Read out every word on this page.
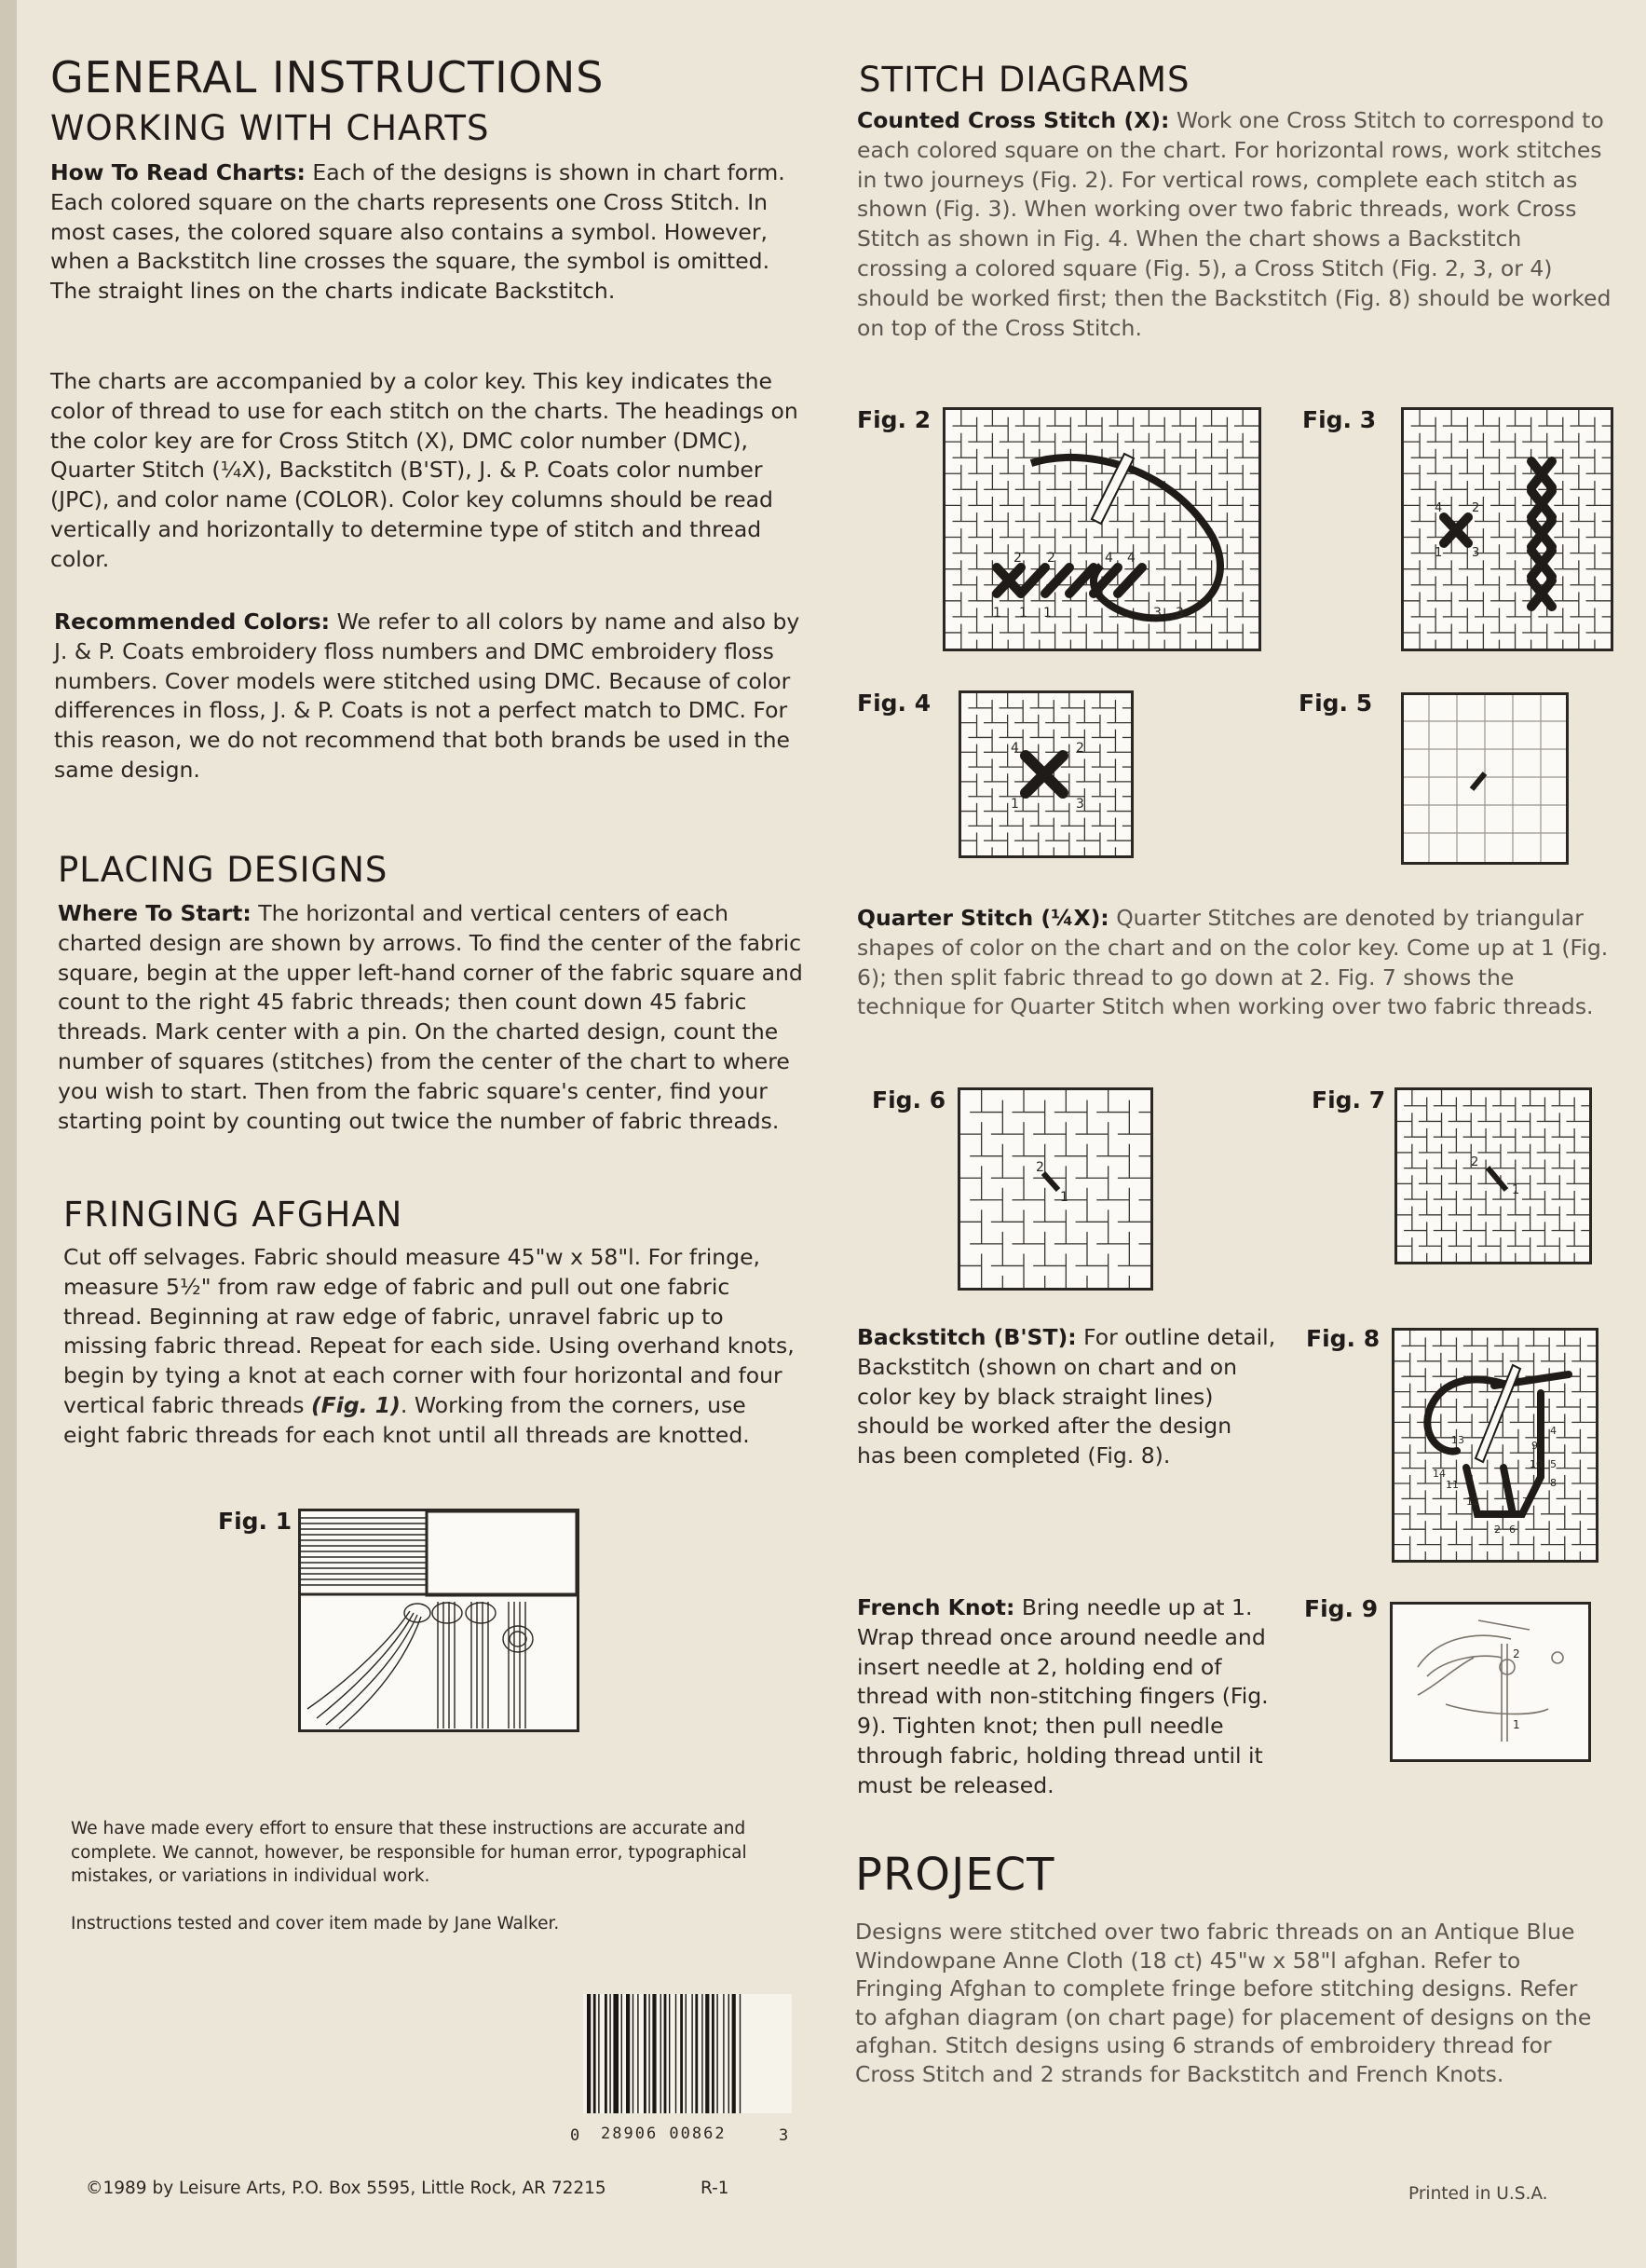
GENERAL INSTRUCTIONS
WORKING WITH CHARTS
How To Read Charts: Each of the designs is shown in chart form. Each colored square on the charts represents one Cross Stitch. In most cases, the colored square also contains a symbol. However, when a Backstitch line crosses the square, the symbol is omitted. The straight lines on the charts indicate Backstitch.
The charts are accompanied by a color key. This key indicates the color of thread to use for each stitch on the charts. The headings on the color key are for Cross Stitch (X), DMC color number (DMC), Quarter Stitch (¼X), Backstitch (B'ST), J. & P. Coats color number (JPC), and color name (COLOR). Color key columns should be read vertically and horizontally to determine type of stitch and thread color.
Recommended Colors: We refer to all colors by name and also by J. & P. Coats embroidery floss numbers and DMC embroidery floss numbers. Cover models were stitched using DMC. Because of color differences in floss, J. & P. Coats is not a perfect match to DMC. For this reason, we do not recommend that both brands be used in the same design.
PLACING DESIGNS
Where To Start: The horizontal and vertical centers of each charted design are shown by arrows. To find the center of the fabric square, begin at the upper left-hand corner of the fabric square and count to the right 45 fabric threads; then count down 45 fabric threads. Mark center with a pin. On the charted design, count the number of squares (stitches) from the center of the chart to where you wish to start. Then from the fabric square's center, find your starting point by counting out twice the number of fabric threads.
FRINGING AFGHAN
Cut off selvages. Fabric should measure 45"w x 58"l. For fringe, measure 5½" from raw edge of fabric and pull out one fabric thread. Beginning at raw edge of fabric, unravel fabric up to missing fabric thread. Repeat for each side. Using overhand knots, begin by tying a knot at each corner with four horizontal and four vertical fabric threads (Fig. 1). Working from the corners, use eight fabric threads for each knot until all threads are knotted.
Fig. 1
We have made every effort to ensure that these instructions are accurate and complete. We cannot, however, be responsible for human error, typographical mistakes, or variations in individual work.
Instructions tested and cover item made by Jane Walker.
0 28906 00862	3
©1989 by Leisure Arts, P.O. Box 5595, Little Rock, AR 72215	R-1
STITCH DIAGRAMS
Counted Cross Stitch (X): Work one Cross Stitch to correspond to each colored square on the chart. For horizontal rows, work stitches in two journeys (Fig. 2). For vertical rows, complete each stitch as shown (Fig. 3). When working over two fabric threads, work Cross Stitch as shown in Fig. 4. When the chart shows a Backstitch crossing a colored square (Fig. 5), a Cross Stitch (Fig. 2, 3, or 4) should be worked first; then the Backstitch (Fig. 8) should be worked on top of the Cross Stitch.
Fig. 2	Fig. 3
Fig. 4	Fig. 5
2 2	4 4
1 1 1	3 3
4 2
1 3
4	2
1	3
Quarter Stitch (¼X): Quarter Stitches are denoted by triangular shapes of color on the chart and on the color key. Come up at 1 (Fig. 6); then split fabric thread to go down at 2. Fig. 7 shows the technique for Quarter Stitch when working over two fabric threads.
Fig. 6	Fig. 7
2
1
2
1
Backstitch (B'ST): For outline detail, Backstitch (shown on chart and on color key by black straight lines) should be worked after the design has been completed (Fig. 8).
Fig. 8
13
4
14
9
11
10 5
8
12	7
2 6
French Knot: Bring needle up at 1. Wrap thread once around needle and insert needle at 2, holding end of thread with non-stitching fingers (Fig. 9). Tighten knot; then pull needle through fabric, holding thread until it must be released.
Fig. 9
2
1
PROJECT
Designs were stitched over two fabric threads on an Antique Blue Windowpane Anne Cloth (18 ct) 45"w x 58"l afghan. Refer to Fringing Afghan to complete fringe before stitching designs. Refer to afghan diagram (on chart page) for placement of designs on the afghan. Stitch designs using 6 strands of embroidery thread for Cross Stitch and 2 strands for Backstitch and French Knots.
Printed in U.S.A.
